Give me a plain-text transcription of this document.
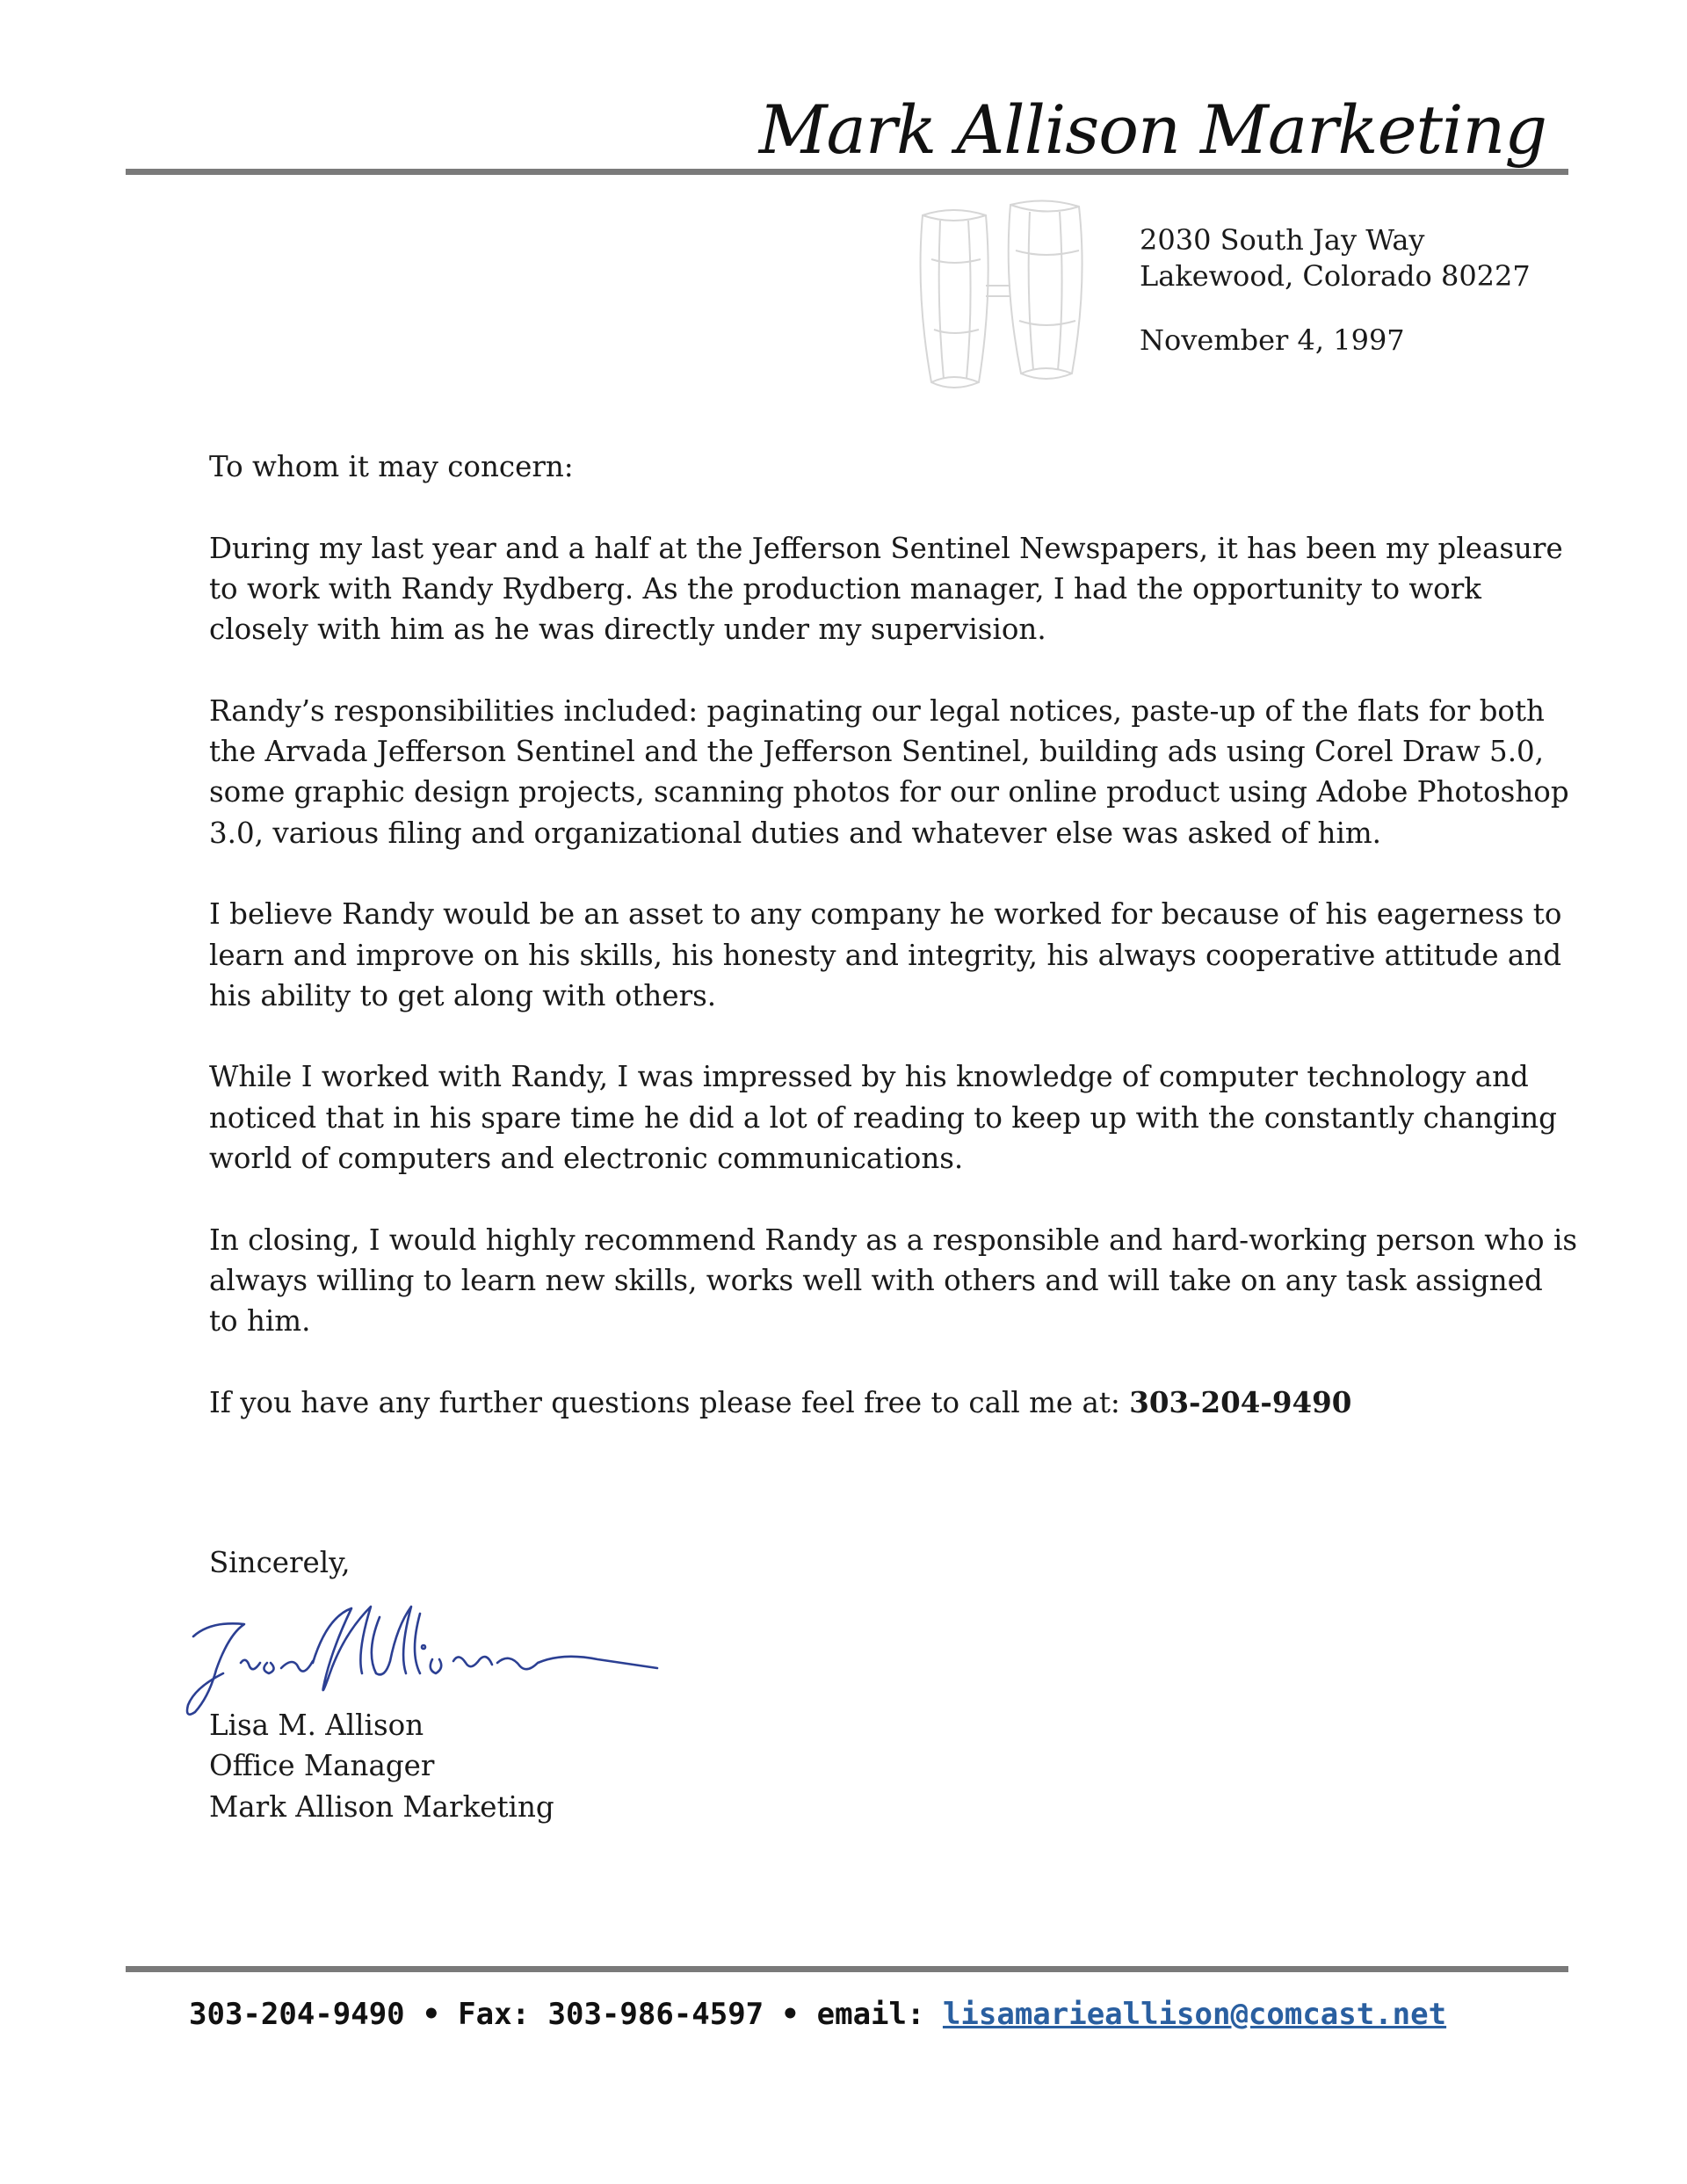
Mark Allison Marketing
2030 South Jay Way
Lakewood, Colorado 80227
November 4, 1997

To whom it may concern:

During my last year and a half at the Jefferson Sentinel Newspapers, it has been my pleasure to work with Randy Rydberg. As the production manager, I had the opportunity to work closely with him as he was directly under my supervision.

Randy’s responsibilities included: paginating our legal notices, paste-up of the flats for both the Arvada Jefferson Sentinel and the Jefferson Sentinel, building ads using Corel Draw 5.0, some graphic design projects, scanning photos for our online product using Adobe Photoshop 3.0, various filing and organizational duties and whatever else was asked of him.

I believe Randy would be an asset to any company he worked for because of his eagerness to learn and improve on his skills, his honesty and integrity, his always cooperative attitude and his ability to get along with others.

While I worked with Randy, I was impressed by his knowledge of computer technology and noticed that in his spare time he did a lot of reading to keep up with the constantly changing world of computers and electronic communications.

In closing, I would highly recommend Randy as a responsible and hard-working person who is always willing to learn new skills, works well with others and will take on any task assigned to him.

If you have any further questions please feel free to call me at: 303-204-9490

Sincerely,
Lisa M. Allison
Office Manager
Mark Allison Marketing
303-204-9490 • Fax: 303-986-4597 • email: lisamarieallison@comcast.net
